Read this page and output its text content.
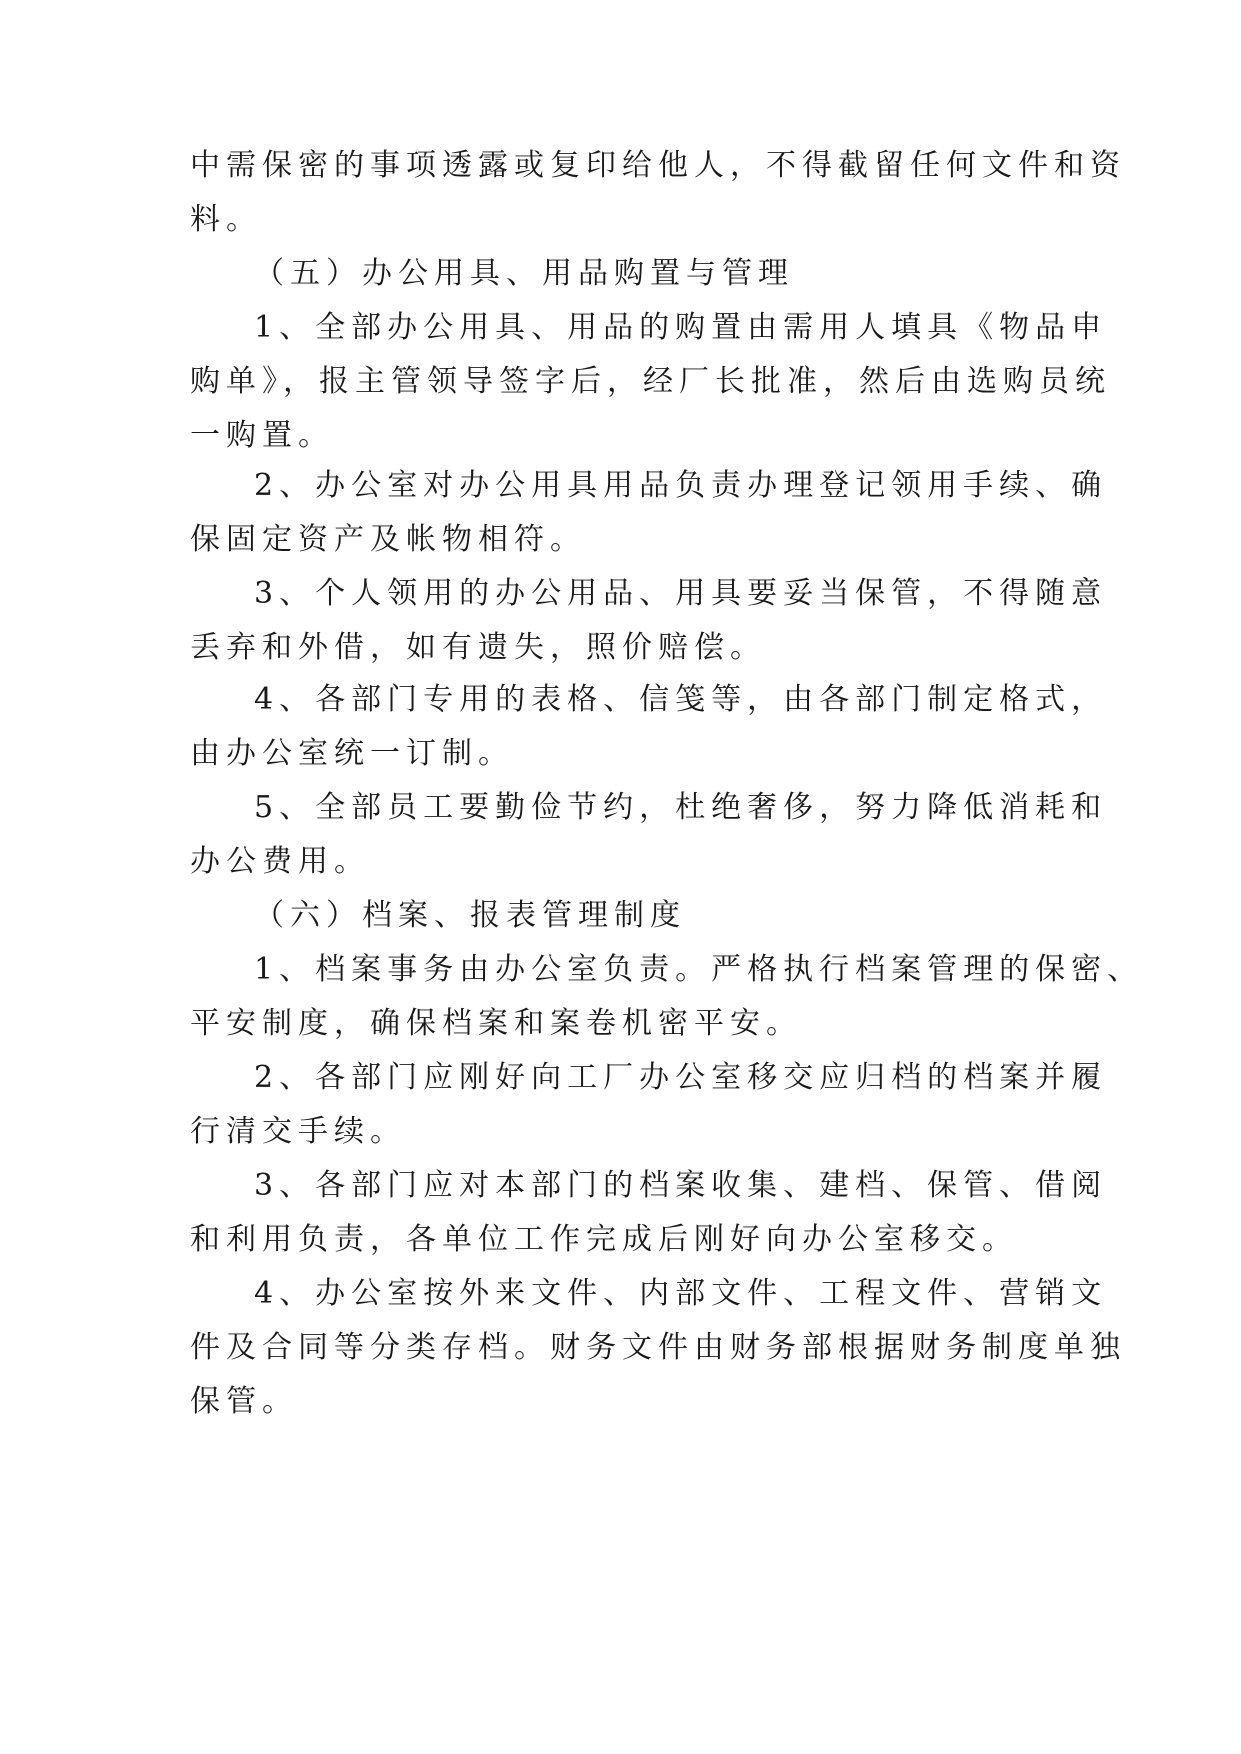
中需保密的事项透露或复印给他人，不得截留任何文件和资
料。
（五）办公用具、用品购置与管理
1、全部办公用具、用品的购置由需用人填具《物品申
购单》，报主管领导签字后，经厂长批准，然后由选购员统
一购置。
2、办公室对办公用具用品负责办理登记领用手续、确
保固定资产及帐物相符。
3、个人领用的办公用品、用具要妥当保管，不得随意
丢弃和外借，如有遗失，照价赔偿。
4、各部门专用的表格、信笺等，由各部门制定格式，
由办公室统一订制。
5、全部员工要勤俭节约，杜绝奢侈，努力降低消耗和
办公费用。
（六）档案、报表管理制度
1、档案事务由办公室负责。严格执行档案管理的保密、
平安制度，确保档案和案卷机密平安。
2、各部门应刚好向工厂办公室移交应归档的档案并履
行清交手续。
3、各部门应对本部门的档案收集、建档、保管、借阅
和利用负责，各单位工作完成后刚好向办公室移交。
4、办公室按外来文件、内部文件、工程文件、营销文
件及合同等分类存档。财务文件由财务部根据财务制度单独
保管。
